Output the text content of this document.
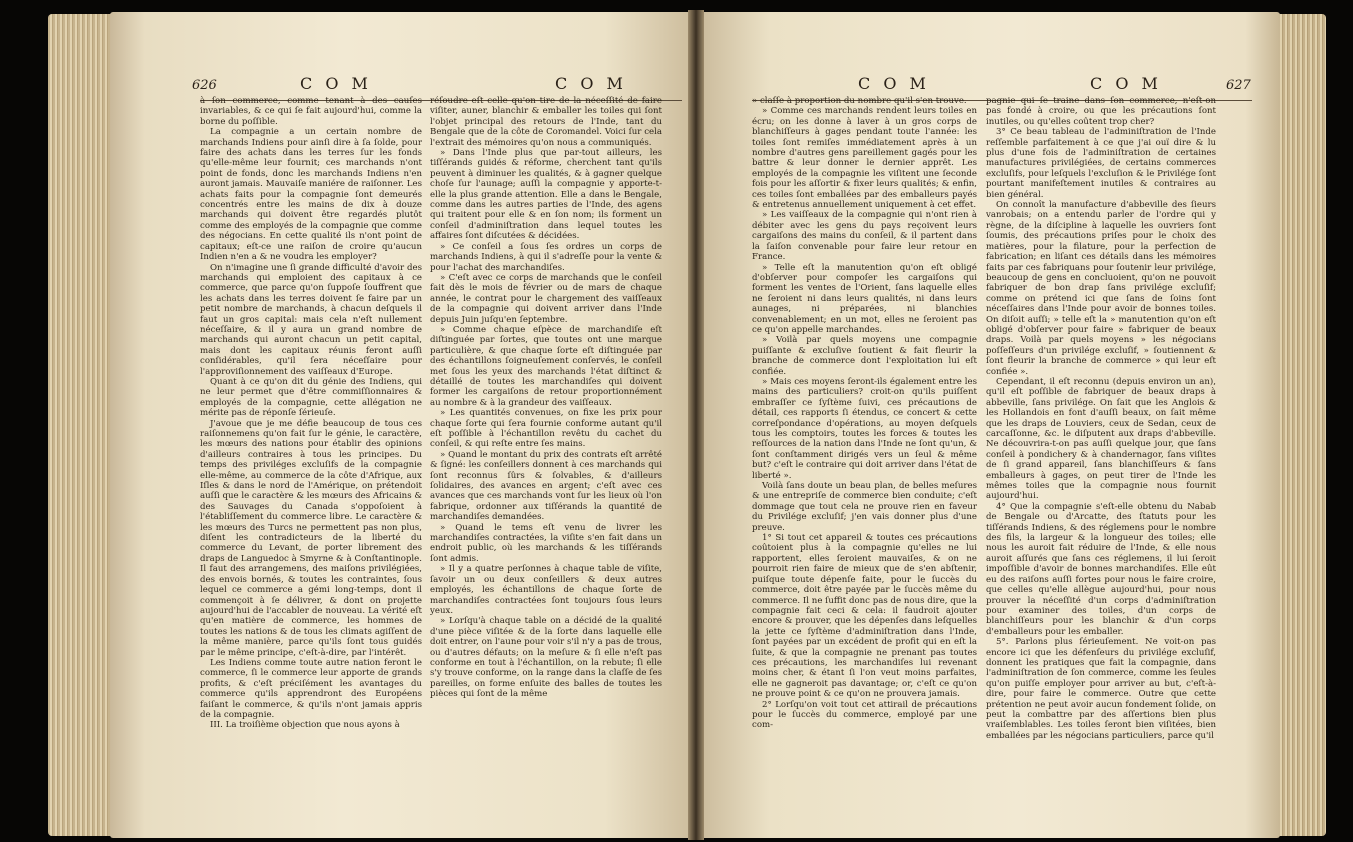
626	C O M	C O M

à ſon commerce, comme tenant à des cauſes invariables, & ce qui ſe fait aujourd'hui, comme la borne du poſſible.

La compagnie a un certain nombre de marchands Indiens pour ainſi dire à ſa ſolde, pour faire des achats dans les terres ſur les fonds qu'elle-même leur fournit; ces marchands n'ont point de fonds, donc les marchands Indiens n'en auront jamais. Mauvaiſe maniére de raiſonner. Les achats faits pour la compagnie ſont demeurés concentrés entre les mains de dix à douze marchands qui doivent être regardés plutôt comme des employés de la compagnie que comme des négocians. En cette qualité ils n'ont point de capitaux; eſt-ce une raiſon de croire qu'aucun Indien n'en a & ne voudra les employer?

On n'imagine une ſi grande difficulté d'avoir des marchands qui emploient des capitaux à ce commerce, que parce qu'on ſuppoſe ſouffrent que les achats dans les terres doivent ſe faire par un petit nombre de marchands, à chacun deſquels il faut un gros capital: mais cela n'eſt nullement néceſſaire, & il y aura un grand nombre de marchands qui auront chacun un petit capital, mais dont les capitaux réunis feront auſſi conſidérables, qu'il ſera néceſſaire pour l'approviſionnement des vaiſſeaux d'Europe.

Quant à ce qu'on dit du génie des Indiens, qui ne leur permet que d'être commiſſionnaires & employés de la compagnie, cette allégation ne mérite pas de réponſe ſérieuſe.

J'avoue que je me défie beaucoup de tous ces raiſonnemens qu'on fait ſur le génie, le caractère, les mœurs des nations pour établir des opinions d'ailleurs contraires à tous les principes. Du temps des priviléges excluſifs de la compagnie elle-même, au commerce de la côte d'Afrique, aux Iſles & dans le nord de l'Amérique, on prétendoit auſſi que le caractère & les mœurs des Africains & des Sauvages du Canada s'oppoſoient à l'établiſſement du commerce libre. Le caractère & les mœurs des Turcs ne permettent pas non plus, diſent les contradicteurs de la liberté du commerce du Levant, de porter librement des draps de Languedoc à Smyrne & à Conſtantinople. Il faut des arrangemens, des maiſons privilégiées, des envois bornés, & toutes les contraintes, ſous lequel ce commerce a gémi long-temps, dont il commençoit à ſe délivrer, & dont on projette aujourd'hui de l'accabler de nouveau. La vérité eſt qu'en matière de commerce, les hommes de toutes les nations & de tous les climats agiſſent de la même manière, parce qu'ils ſont tous guidés par le même principe, c'eſt-à-dire, par l'intérêt.

Les Indiens comme toute autre nation feront le commerce, ſi le commerce leur apporte de grands profits, & c'eſt préciſément les avantages du commerce qu'ils apprendront des Européens faiſant le commerce, & qu'ils n'ont jamais appris de la compagnie.

III. La troiſième objection que nous ayons à

réſoudre eſt celle qu'on tire de la néceſſité de faire viſiter, auner, blanchir & emballer les toiles qui ſont l'objet principal des retours de l'Inde, tant du Bengale que de la côte de Coromandel. Voici ſur cela l'extrait des mémoires qu'on nous a communiqués.

» Dans l'Inde plus que par-tout ailleurs, les tiſſérands guidés & réforme, cherchent tant qu'ils peuvent à diminuer les qualités, & à gagner quelque choſe ſur l'aunage; auſſi la compagnie y apporte-t-elle la plus grande attention. Elle a dans le Bengale, comme dans les autres parties de l'Inde, des agens qui traitent pour elle & en ſon nom; ils forment un conſeil d'adminiſtration dans lequel toutes les affaires ſont diſcutées & décidées.

» Ce conſeil a ſous ſes ordres un corps de marchands Indiens, à qui il s'adreſſe pour la vente & pour l'achat des marchandiſes.

» C'eſt avec ce corps de marchands que le conſeil fait dès le mois de février ou de mars de chaque année, le contrat pour le chargement des vaiſſeaux de la compagnie qui doivent arriver dans l'Inde depuis Juin juſqu'en ſeptembre.

» Comme chaque eſpèce de marchandiſe eſt diſtinguée par ſortes, que toutes ont une marque particulière, & que chaque ſorte eſt diſtinguée par des échantillons ſoigneuſement conſervés, le conſeil met ſous les yeux des marchands l'état diſtinct & détaillé de toutes les marchandiſes qui doivent former les cargaiſons de retour proportionnément au nombre & à la grandeur des vaiſſeaux.

» Les quantités convenues, on fixe les prix pour chaque ſorte qui ſera fournie conforme autant qu'il eſt poſſible à l'échantillon revêtu du cachet du conſeil, & qui reſte entre ſes mains.

» Quand le montant du prix des contrats eſt arrêté & ſigné: les conſeillers donnent à ces marchands qui ſont reconnus ſûrs & ſolvables, & d'ailleurs ſolidaires, des avances en argent; c'eſt avec ces avances que ces marchands vont ſur les lieux où l'on fabrique, ordonner aux tiſſérands la quantité de marchandiſes demandées.

» Quand le tems eſt venu de livrer les marchandiſes contractées, la viſite s'en fait dans un endroit public, où les marchands & les tiſſérands ſont admis.

» Il y a quatre perſonnes à chaque table de viſite, ſavoir un ou deux conſeillers & deux autres employés, les échantillons de chaque ſorte de marchandiſes contractées ſont toujours ſous leurs yeux.

» Lorſqu'à chaque table on a décidé de la qualité d'une pièce viſitée & de la ſorte dans laquelle elle doit entrer, on l'aune pour voir s'il n'y a pas de trous, ou d'autres défauts; on la meſure & ſi elle n'eſt pas conforme en tout à l'échantillon, on la rebute; ſi elle s'y trouve conforme, on la range dans la claſſe de ſes pareilles, on forme enſuite des balles de toutes les pièces qui ſont de la même

C O M	C O M	627

» claſſe à proportion du nombre qu'il s'en trouve.

» Comme ces marchands rendent leurs toiles en écru; on les donne à laver à un gros corps de blanchiſſeurs à gages pendant toute l'année: les toiles ſont remiſes immédiatement après à un nombre d'autres gens pareillement gagés pour les battre & leur donner le dernier apprêt. Les employés de la compagnie les viſitent une ſeconde fois pour les aſſortir & fixer leurs qualités; & enfin, ces toiles ſont emballées par des emballeurs payés & entretenus annuellement uniquement à cet effet.

» Les vaiſſeaux de la compagnie qui n'ont rien à débiter avec les gens du pays reçoivent leurs cargaiſons des mains du conſeil, & il partent dans la ſaiſon convenable pour faire leur retour en France.

» Telle eſt la manutention qu'on eſt obligé d'obſerver pour compoſer les cargaiſons qui forment les ventes de l'Orient, ſans laquelle elles ne ſeroient ni dans leurs qualités, ni dans leurs aunages, ni préparées, ni blanchies convenablement; en un mot, elles ne ſeroient pas ce qu'on appelle marchandes.

» Voilà par quels moyens une compagnie puiſſante & excluſive ſoutient & fait fleurir la branche de commerce dont l'exploitation lui eſt confiée.

» Mais ces moyens ſeront-ils également entre les mains des particuliers? croit-on qu'ils puiſſent embraſſer ce ſyſtème ſuivi, ces précautions de détail, ces rapports ſi étendus, ce concert & cette correſpondance d'opérations, au moyen deſquels tous les comptoirs, toutes les forces & toutes les reſſources de la nation dans l'Inde ne ſont qu'un, & ſont conſtamment dirigés vers un ſeul & même but? c'eſt le contraire qui doit arriver dans l'état de liberté ».

Voilà ſans doute un beau plan, de belles meſures & une entrepriſe de commerce bien conduite; c'eſt dommage que tout cela ne prouve rien en faveur du Privilége excluſif; j'en vais donner plus d'une preuve.

1° Si tout cet appareil & toutes ces précautions coûtoient plus à la compagnie qu'elles ne lui rapportent, elles ſeroient mauvaiſes, & on ne pourroit rien faire de mieux que de s'en abſtenir, puiſque toute dépenſe faite, pour le ſuccès du commerce, doit être payée par le ſuccès même du commerce. Il ne ſuffit donc pas de nous dire, que la compagnie fait ceci & cela: il faudroit ajouter encore & prouver, que les dépenſes dans leſquelles la jette ce ſyſtème d'adminiſtration dans l'Inde, ſont payées par un excédent de profit qui en eſt la ſuite, & que la compagnie ne prenant pas toutes ces précautions, les marchandiſes lui revenant moins cher, & étant ſi l'on veut moins parfaites, elle ne gagneroit pas davantage; or, c'eſt ce qu'on ne prouve point & ce qu'on ne prouvera jamais.

2° Lorſqu'on voit tout cet attirail de précautions pour le ſuccès du commerce, employé par une com-

pagnie qui ſe traine dans ſon commerce, n'eſt-on pas fondé à croire, ou que les précautions ſont inutiles, ou qu'elles coûtent trop cher?

3° Ce beau tableau de l'adminiſtration de l'Inde reſſemble parfaitement à ce que j'ai ouï dire & lu plus d'une fois de l'adminiſtration de certaines manufactures privilégiées, de certains commerces excluſifs, pour leſquels l'excluſion & le Privilége ſont pourtant manifeſtement inutiles & contraires au bien général.

On connoît la manufacture d'abbeville des ſieurs vanrobais; on a entendu parler de l'ordre qui y règne, de la diſcipline à laquelle les ouvriers ſont ſoumis, des précautions priſes pour le choix des matières, pour la filature, pour la perfection de fabrication; en liſant ces détails dans les mémoires faits par ces fabriquans pour ſoutenir leur privilége, beaucoup de gens en concluoient, qu'on ne pouvoit fabriquer de bon drap ſans privilége excluſif; comme on prétend ici que ſans de ſoins ſont néceſſaires dans l'Inde pour avoir de bonnes toiles. On diſoit auſſi; » telle eſt la » manutention qu'on eſt obligé d'obſerver pour faire » fabriquer de beaux draps. Voilà par quels moyens » les négocians poſſeſſeurs d'un privilége excluſif, » ſoutiennent & ſont fleurir la branche de commerce » qui leur eſt confiée ».

Cependant, il eſt reconnu (depuis environ un an), qu'il eſt poſſible de fabriquer de beaux draps à abbeville, ſans privilége. On ſait que les Anglois & les Hollandois en font d'auſſi beaux, on ſait même que les draps de Louviers, ceux de Sedan, ceux de carcaſſonne, &c. le diſputent aux draps d'abbeville. Ne découvrira-t-on pas auſſi quelque jour, que ſans conſeil à pondichery & à chandernagor, ſans viſites de ſi grand appareil, ſans blanchiſſeurs & ſans emballeurs à gages, on peut tirer de l'Inde les mêmes toiles que la compagnie nous fournit aujourd'hui.

4° Que la compagnie s'eſt-elle obtenu du Nabab de Bengale ou d'Arcatte, des ſtatuts pour les tiſſérands Indiens, & des réglemens pour le nombre des fils, la largeur & la longueur des toiles; elle nous les auroit fait réduire de l'Inde, & elle nous auroit aſſurés que ſans ces réglemens, il lui ſeroit impoſſible d'avoir de bonnes marchandiſes. Elle eût eu des raiſons auſſi fortes pour nous le faire croire, que celles qu'elle allègue aujourd'hui, pour nous prouver la néceſſité d'un corps d'adminiſtration pour examiner des toiles, d'un corps de blanchiſſeurs pour les blanchir & d'un corps d'emballeurs pour les emballer.

5°. Parlons plus ſérieuſement. Ne voit-on pas encore ici que les défenſeurs du privilége excluſif, donnent les pratiques que fait la compagnie, dans l'adminiſtration de ſon commerce, comme les ſeules qu'on puiſſe employer pour arriver au but, c'eſt-à-dire, pour faire le commerce. Outre que cette prétention ne peut avoir aucun fondement ſolide, on peut la combattre par des aſſertions bien plus vraiſemblables. Les toiles ſeront bien viſitées, bien emballées par les négocians particuliers, parce qu'il
